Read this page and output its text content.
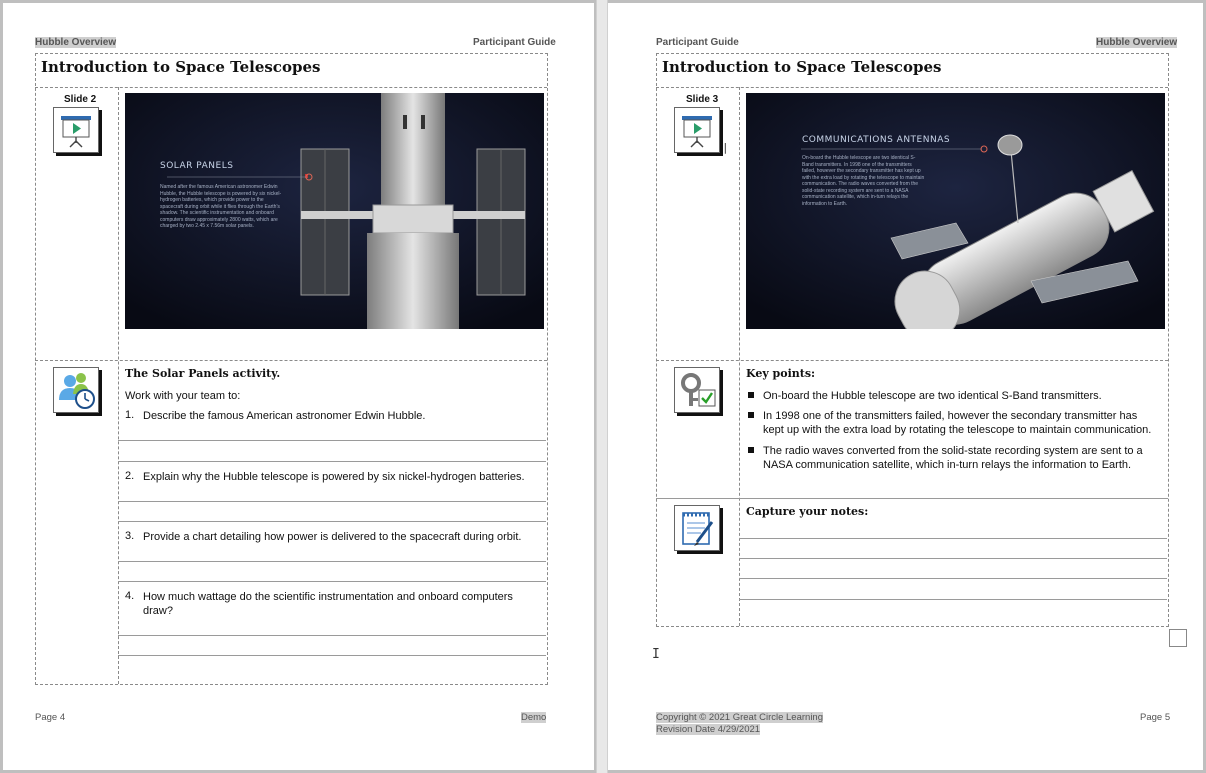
Hubble Overview	Participant Guide
Introduction to Space Telescopes
Slide 2
SOLAR PANELS
Named after the famous American astronomer Edwin Hubble, the Hubble telescope is powered by six nickel-hydrogen batteries, which provide power to the spacecraft during orbit while it flies through the Earth's shadow. The scientific instrumentation and onboard computers draw approximately 2800 watts, which are charged by two 2.45 x 7.56m solar panels.
The Solar Panels activity.
Work with your team to:
1. Describe the famous American astronomer Edwin Hubble.
2. Explain why the Hubble telescope is powered by six nickel-hydrogen batteries.
3. Provide a chart detailing how power is delivered to the spacecraft during orbit.
4. How much wattage do the scientific instrumentation and onboard computers draw?
Page 4	Demo
Participant Guide	Hubble Overview
Introduction to Space Telescopes
Slide 3
|
COMMUNICATIONS ANTENNAS
On-board the Hubble telescope are two identical S-Band transmitters. In 1998 one of the transmitters failed, however the secondary transmitter has kept up with the extra load by rotating the telescope to maintain communication. The radio waves converted from the solid-state recording system are sent to a NASA communication satellite, which in-turn relays the information to Earth.
Key points:
On-board the Hubble telescope are two identical S-Band transmitters.
In 1998 one of the transmitters failed, however the secondary transmitter has kept up with the extra load by rotating the telescope to maintain communication.
The radio waves converted from the solid-state recording system are sent to a NASA communication satellite, which in-turn relays the information to Earth.
Capture your notes:
I
Copyright © 2021 Great Circle Learning
Revision Date 4/29/2021
Page 5
